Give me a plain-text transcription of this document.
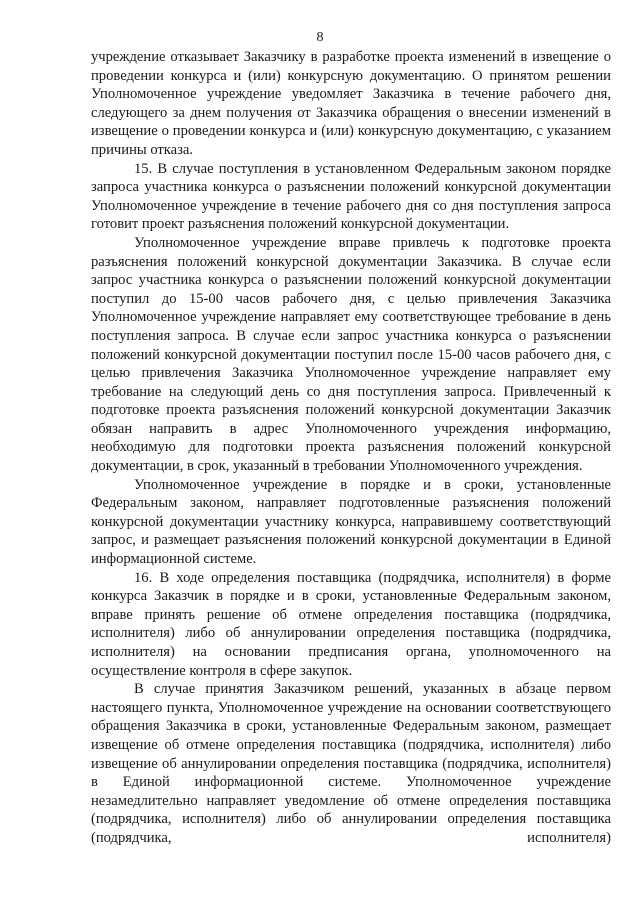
8

учреждение отказывает Заказчику в разработке проекта изменений в извещение о проведении конкурса и (или) конкурсную документацию. О принятом решении Уполномоченное учреждение уведомляет Заказчика в течение рабочего дня, следующего за днем получения от Заказчика обращения о внесении изменений в извещение о проведении конкурса и (или) конкурсную документацию, с указанием причины отказа.

15. В случае поступления в установленном Федеральным законом порядке запроса участника конкурса о разъяснении положений конкурсной документации Уполномоченное учреждение в течение рабочего дня со дня поступления запроса готовит проект разъяснения положений конкурсной документации.

Уполномоченное учреждение вправе привлечь к подготовке проекта разъяснения положений конкурсной документации Заказчика. В случае если запрос участника конкурса о разъяснении положений конкурсной документации поступил до 15-00 часов рабочего дня, с целью привлечения Заказчика Уполномоченное учреждение направляет ему соответствующее требование в день поступления запроса. В случае если запрос участника конкурса о разъяснении положений конкурсной документации поступил после 15-00 часов рабочего дня, с целью привлечения Заказчика Уполномоченное учреждение направляет ему требование на следующий день со дня поступления запроса. Привлеченный к подготовке проекта разъяснения положений конкурсной документации Заказчик обязан направить в адрес Уполномоченного учреждения информацию, необходимую для подготовки проекта разъяснения положений конкурсной документации, в срок, указанный в требовании Уполномоченного учреждения.

Уполномоченное учреждение в порядке и в сроки, установленные Федеральным законом, направляет подготовленные разъяснения положений конкурсной документации участнику конкурса, направившему соответствующий запрос, и размещает разъяснения положений конкурсной документации в Единой информационной системе.

16. В ходе определения поставщика (подрядчика, исполнителя) в форме конкурса Заказчик в порядке и в сроки, установленные Федеральным законом, вправе принять решение об отмене определения поставщика (подрядчика, исполнителя) либо об аннулировании определения поставщика (подрядчика, исполнителя) на основании предписания органа, уполномоченного на осуществление контроля в сфере закупок.

В случае принятия Заказчиком решений, указанных в абзаце первом настоящего пункта, Уполномоченное учреждение на основании соответствующего обращения Заказчика в сроки, установленные Федеральным законом, размещает извещение об отмене определения поставщика (подрядчика, исполнителя) либо извещение об аннулировании определения поставщика (подрядчика, исполнителя) в Единой информационной системе. Уполномоченное учреждение незамедлительно направляет уведомление об отмене определения поставщика (подрядчика, исполнителя) либо об аннулировании определения поставщика (подрядчика, исполнителя)
